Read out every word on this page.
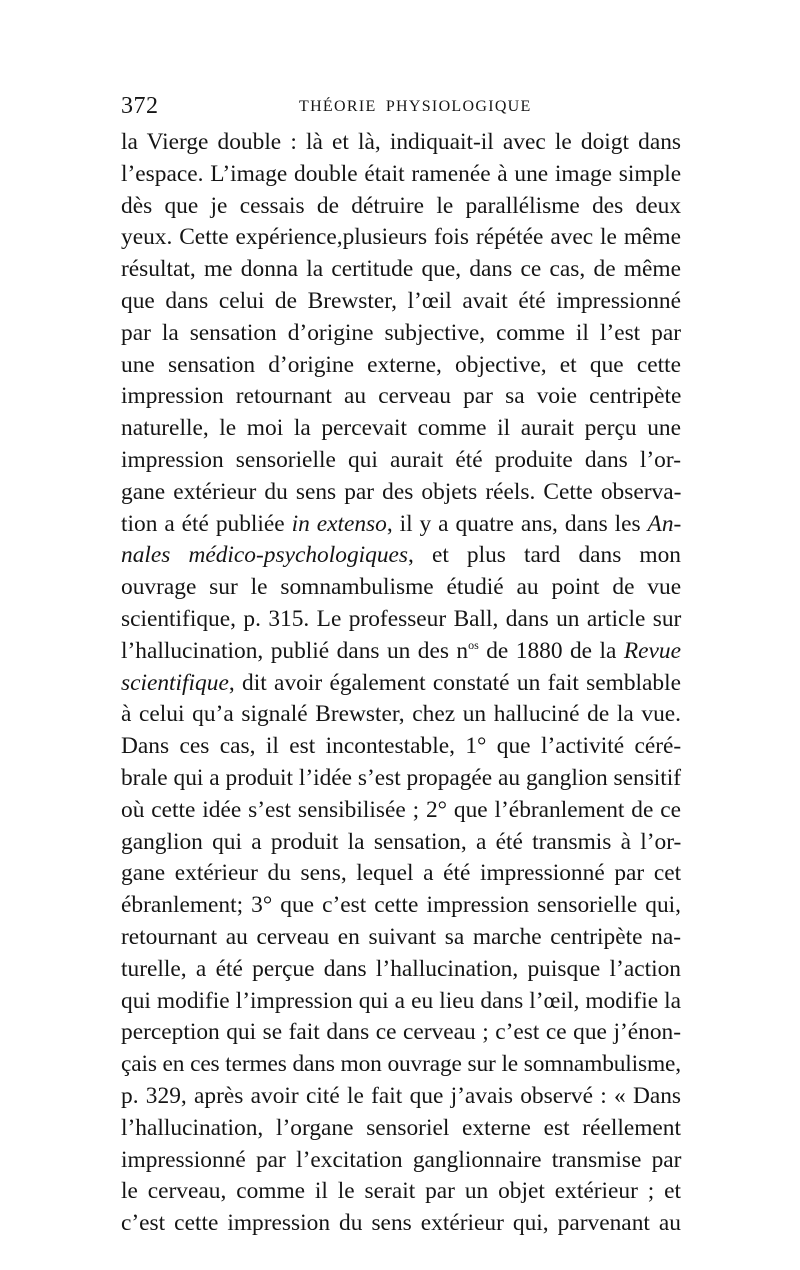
372	THÉORIE PHYSIOLOGIQUE
la Vierge double : là et là, indiquait-il avec le doigt dans
l’espace. L’image double était ramenée à une image simple
dès que je cessais de détruire le parallélisme des deux
yeux. Cette expérience,plusieurs fois répétée avec le même
résultat, me donna la certitude que, dans ce cas, de même
que dans celui de Brewster, l’œil avait été impressionné
par la sensation d’origine subjective, comme il l’est par
une sensation d’origine externe, objective, et que cette
impression retournant au cerveau par sa voie centripète
naturelle, le moi la percevait comme il aurait perçu une
impression sensorielle qui aurait été produite dans l’or-
gane extérieur du sens par des objets réels. Cette observa-
tion a été publiée in extenso, il y a quatre ans, dans les An-
nales médico-psychologiques, et plus tard dans mon
ouvrage sur le somnambulisme étudié au point de vue
scientifique, p. 315. Le professeur Ball, dans un article sur
l’hallucination, publié dans un des $n^{os}$ de 1880 de la Revue
scientifique, dit avoir également constaté un fait semblable
à celui qu’a signalé Brewster, chez un halluciné de la vue.
Dans ces cas, il est incontestable, 1° que l’activité céré-
brale qui a produit l’idée s’est propagée au ganglion sensitif
où cette idée s’est sensibilisée ; 2° que l’ébranlement de ce
ganglion qui a produit la sensation, a été transmis à l’or-
gane extérieur du sens, lequel a été impressionné par cet
ébranlement; 3° que c’est cette impression sensorielle qui,
retournant au cerveau en suivant sa marche centripète na-
turelle, a été perçue dans l’hallucination, puisque l’action
qui modifie l’impression qui a eu lieu dans l’œil, modifie la
perception qui se fait dans ce cerveau ; c’est ce que j’énon-
çais en ces termes dans mon ouvrage sur le somnambulisme,
p. 329, après avoir cité le fait que j’avais observé : « Dans
l’hallucination, l’organe sensoriel externe est réellement
impressionné par l’excitation ganglionnaire transmise par
le cerveau, comme il le serait par un objet extérieur ; et
c’est cette impression du sens extérieur qui, parvenant au
